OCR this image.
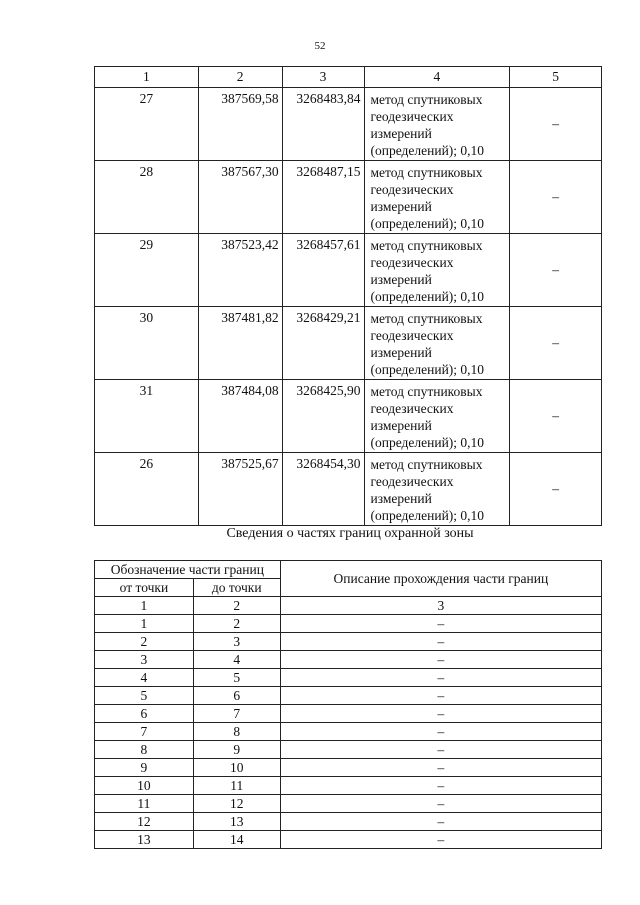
52
1	2	3	4	5
27	387569,58	3268483,84	метод спутниковых
геодезических
измерений
(определений); 0,10	–
28	387567,30	3268487,15	метод спутниковых
геодезических
измерений
(определений); 0,10	–
29	387523,42	3268457,61	метод спутниковых
геодезических
измерений
(определений); 0,10	–
30	387481,82	3268429,21	метод спутниковых
геодезических
измерений
(определений); 0,10	–
31	387484,08	3268425,90	метод спутниковых
геодезических
измерений
(определений); 0,10	–
26	387525,67	3268454,30	метод спутниковых
геодезических
измерений
(определений); 0,10	–
Сведения о частях границ охранной зоны
Обозначение части границ		Описание прохождения части границ
от точки	до точки	
1	2	3
1	2	–
2	3	–
3	4	–
4	5	–
5	6	–
6	7	–
7	8	–
8	9	–
9	10	–
10	11	–
11	12	–
12	13	–
13	14	–
